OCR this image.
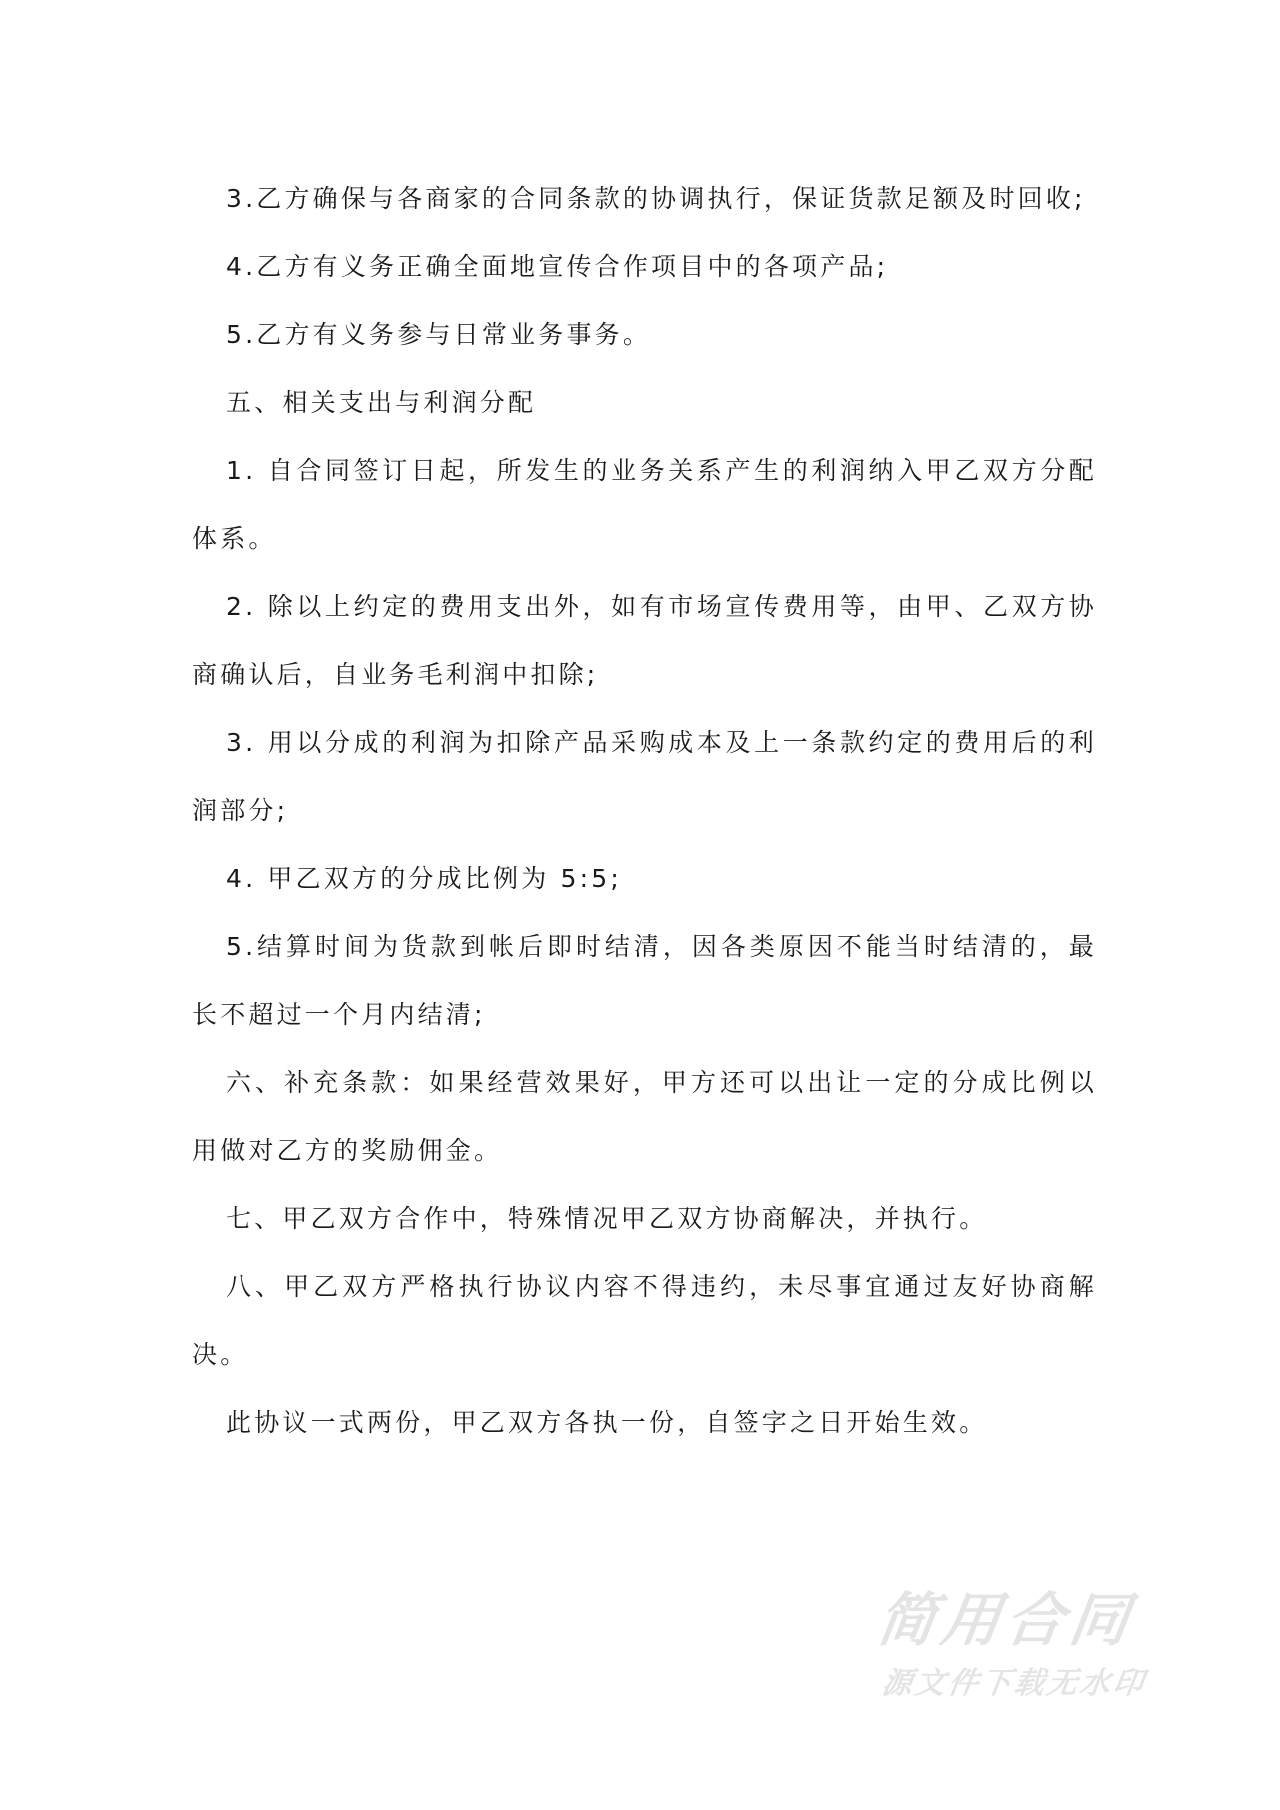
3.乙方确保与各商家的合同条款的协调执行，保证货款足额及时回收;

4.乙方有义务正确全面地宣传合作项目中的各项产品;

5.乙方有义务参与日常业务事务。

五、相关支出与利润分配

1. 自合同签订日起，所发生的业务关系产生的利润纳入甲乙双方分配体系。

2. 除以上约定的费用支出外，如有市场宣传费用等，由甲、乙双方协商确认后，自业务毛利润中扣除;

3. 用以分成的利润为扣除产品采购成本及上一条款约定的费用后的利润部分;

4. 甲乙双方的分成比例为 5:5;

5.结算时间为货款到帐后即时结清，因各类原因不能当时结清的，最长不超过一个月内结清;

六、补充条款：如果经营效果好，甲方还可以出让一定的分成比例以用做对乙方的奖励佣金。

七、甲乙双方合作中，特殊情况甲乙双方协商解决，并执行。

八、甲乙双方严格执行协议内容不得违约，未尽事宜通过友好协商解决。

此协议一式两份，甲乙双方各执一份，自签字之日开始生效。

简用合同
源文件下载无水印
